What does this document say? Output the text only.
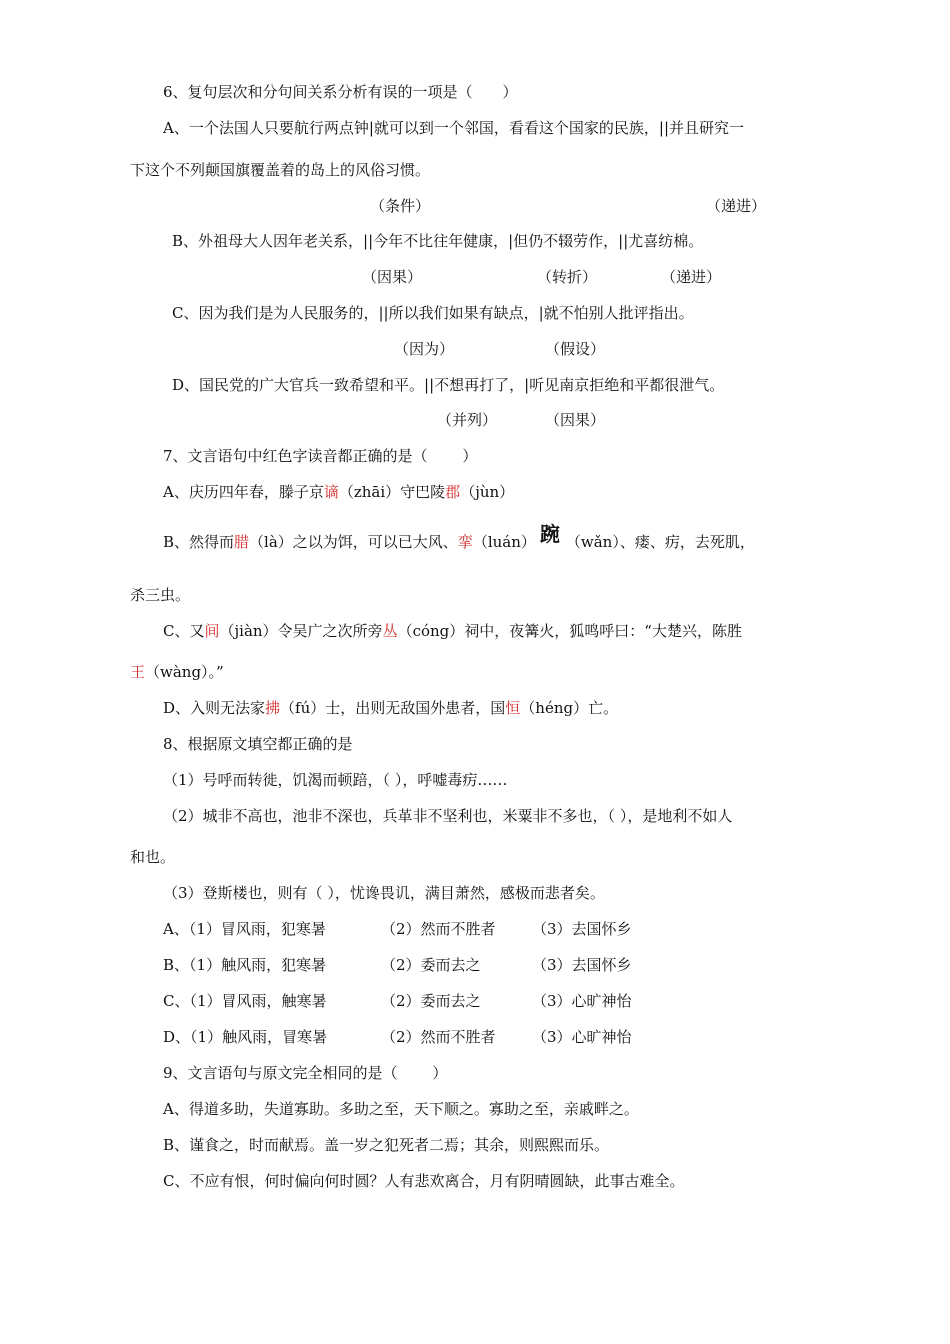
6、复句层次和分句间关系分析有误的一项是（　　）
A、一个法国人只要航行两点钟|就可以到一个邻国，看看这个国家的民族，||并且研究一
下这个不列颠国旗覆盖着的岛上的风俗习惯。
（条件）	（递进）
B、外祖母大人因年老关系，||今年不比往年健康，|但仍不辍劳作，||尤喜纺棉。
（因果）	（转折）	（递进）
C、因为我们是为人民服务的，||所以我们如果有缺点，|就不怕别人批评指出。
（因为）	（假设）
D、国民党的广大官兵一致希望和平。||不想再打了，|听见南京拒绝和平都很泄气。
（并列）	（因果）
7、文言语句中红色字读音都正确的是（　　 ）
A、庆历四年春，滕子京谪（zhāi）守巴陵郡（jùn）
B、然得而腊（là）之以为饵，可以已大风、挛（luán） 踠 （wǎn）、瘘、疠，去死肌，
杀三虫。
C、又间（jiàn）令吴广之次所旁丛（cóng）祠中，夜篝火，狐鸣呼曰：“大楚兴，陈胜
王（wàng）。”
D、入则无法家拂（fú）士，出则无敌国外患者，国恒（héng）亡。
8、根据原文填空都正确的是
（1）号呼而转徙，饥渴而顿踣，（ ），呼嘘毒疠……
（2）城非不高也，池非不深也，兵革非不坚利也，米粟非不多也，（ ），是地利不如人
和也。
（3）登斯楼也，则有（ ），忧谗畏讥，满目萧然，感极而悲者矣。
A、（1）冒风雨，犯寒暑	（2）然而不胜者 （3）去国怀乡
B、（1）触风雨，犯寒暑	（2）委而去之	（3）去国怀乡
C、（1）冒风雨，触寒暑	（2）委而去之	（3）心旷神怡
D、（1）触风雨，冒寒暑	（2）然而不胜者 （3）心旷神怡
9、文言语句与原文完全相同的是（　　 ）
A、得道多助，失道寡助。多助之至，天下顺之。寡助之至，亲戚畔之。
B、谨食之，时而献焉。盖一岁之犯死者二焉；其余，则熙熙而乐。
C、不应有恨，何时偏向何时圆？人有悲欢离合，月有阴晴圆缺，此事古难全。
